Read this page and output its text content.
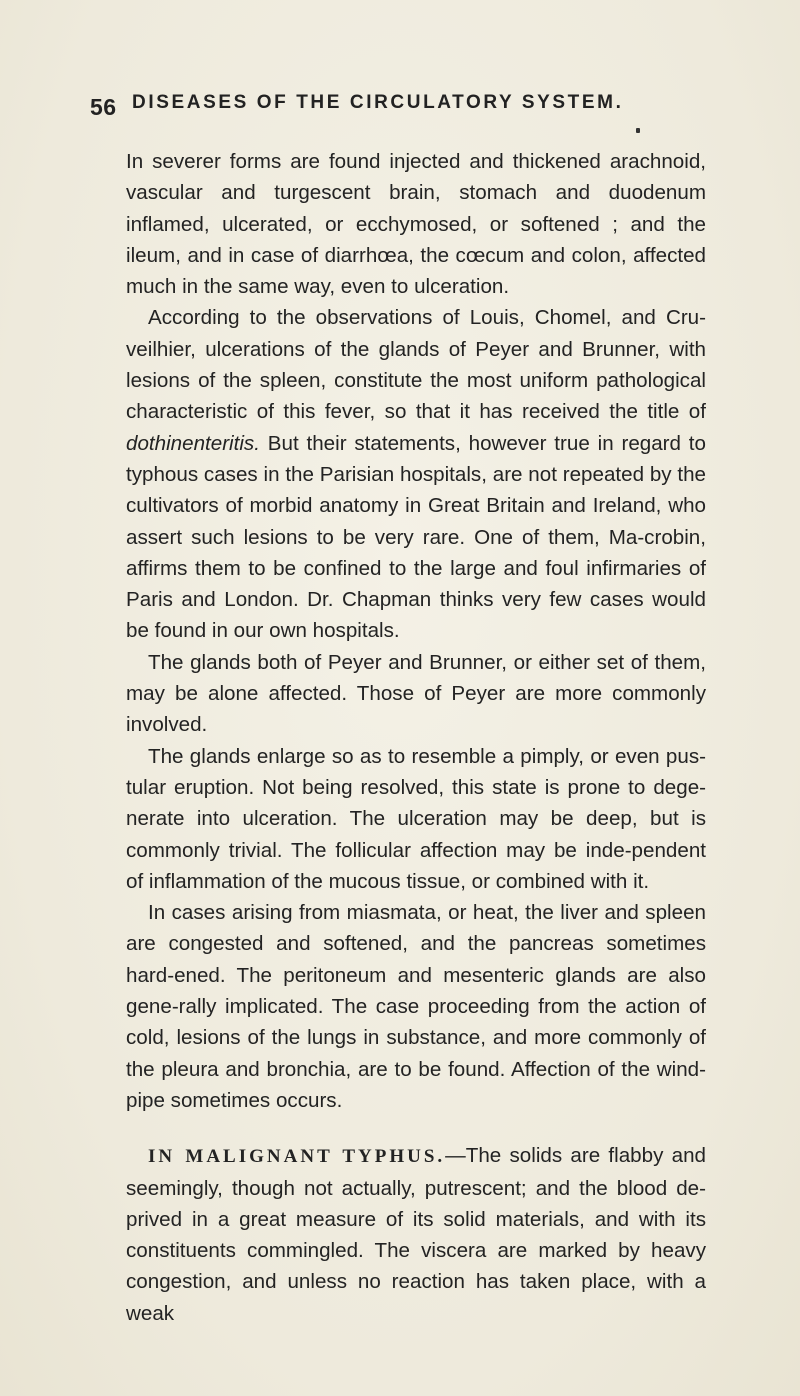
56 DISEASES OF THE CIRCULATORY SYSTEM.

In severer forms are found injected and thickened arachnoid, vascular and turgescent brain, stomach and duodenum inflamed, ulcerated, or ecchymosed, or softened ; and the ileum, and in case of diarrhœa, the cœcum and colon, affected much in the same way, even to ulceration.

According to the observations of Louis, Chomel, and Cru-veilhier, ulcerations of the glands of Peyer and Brunner, with lesions of the spleen, constitute the most uniform pathological characteristic of this fever, so that it has received the title of dothinenteritis. But their statements, however true in regard to typhous cases in the Parisian hospitals, are not repeated by the cultivators of morbid anatomy in Great Britain and Ireland, who assert such lesions to be very rare. One of them, Ma-crobin, affirms them to be confined to the large and foul infirmaries of Paris and London. Dr. Chapman thinks very few cases would be found in our own hospitals.

The glands both of Peyer and Brunner, or either set of them, may be alone affected. Those of Peyer are more commonly involved.

The glands enlarge so as to resemble a pimply, or even pus-tular eruption. Not being resolved, this state is prone to dege-nerate into ulceration. The ulceration may be deep, but is commonly trivial. The follicular affection may be inde-pendent of inflammation of the mucous tissue, or combined with it.

In cases arising from miasmata, or heat, the liver and spleen are congested and softened, and the pancreas sometimes hard-ened. The peritoneum and mesenteric glands are also gene-rally implicated. The case proceeding from the action of cold, lesions of the lungs in substance, and more commonly of the pleura and bronchia, are to be found. Affection of the wind-pipe sometimes occurs.

IN MALIGNANT TYPHUS.—The solids are flabby and seemingly, though not actually, putrescent; and the blood de-prived in a great measure of its solid materials, and with its constituents commingled. The viscera are marked by heavy congestion, and unless no reaction has taken place, with a weak
